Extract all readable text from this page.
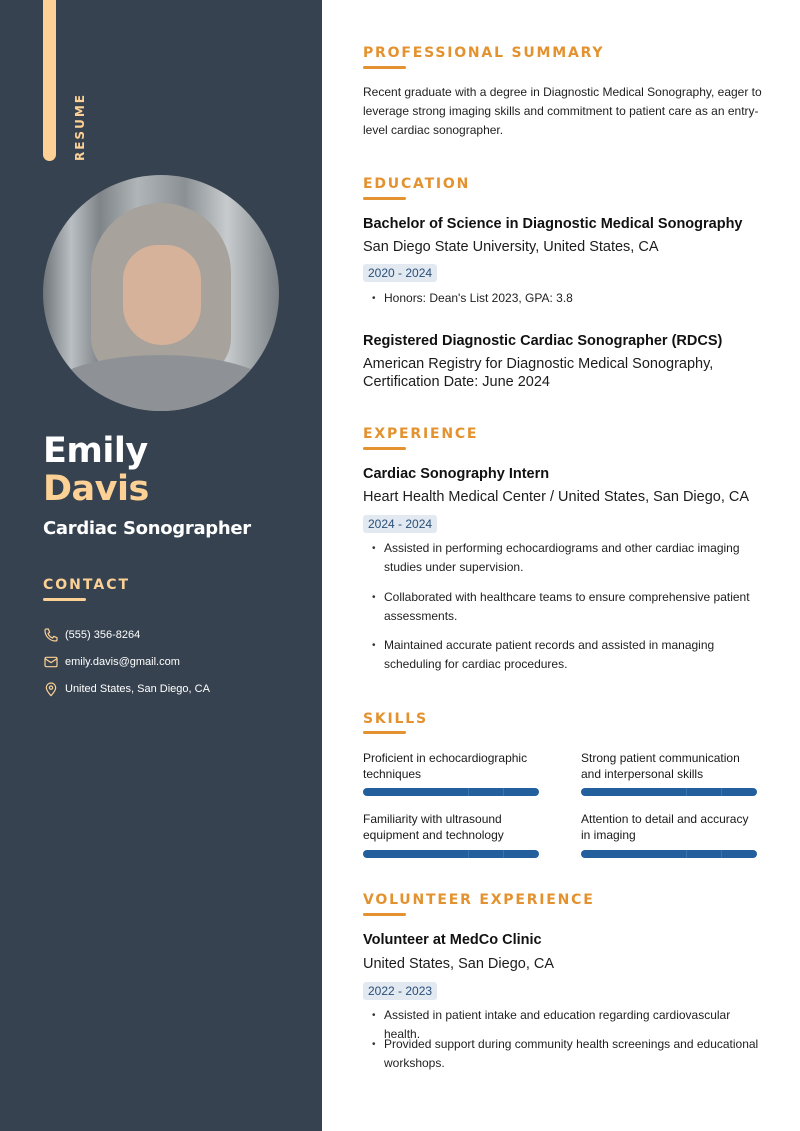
RESUME
Emily
Davis
Cardiac Sonographer
CONTACT
(555) 356-8264
emily.davis@gmail.com
United States, San Diego, CA
PROFESSIONAL SUMMARY
Recent graduate with a degree in Diagnostic Medical Sonography, eager to leverage strong imaging skills and commitment to patient care as an entry-level cardiac sonographer.
EDUCATION
Bachelor of Science in Diagnostic Medical Sonography
San Diego State University, United States, CA
2020 - 2024
• Honors: Dean's List 2023, GPA: 3.8
Registered Diagnostic Cardiac Sonographer (RDCS)
American Registry for Diagnostic Medical Sonography, Certification Date: June 2024
EXPERIENCE
Cardiac Sonography Intern
Heart Health Medical Center / United States, San Diego, CA
2024 - 2024
• Assisted in performing echocardiograms and other cardiac imaging studies under supervision.
• Collaborated with healthcare teams to ensure comprehensive patient assessments.
• Maintained accurate patient records and assisted in managing scheduling for cardiac procedures.
SKILLS
Proficient in echocardiographic techniques
Strong patient communication and interpersonal skills
Familiarity with ultrasound equipment and technology
Attention to detail and accuracy in imaging
VOLUNTEER EXPERIENCE
Volunteer at MedCo Clinic
United States, San Diego, CA
2022 - 2023
• Assisted in patient intake and education regarding cardiovascular health.
• Provided support during community health screenings and educational workshops.
